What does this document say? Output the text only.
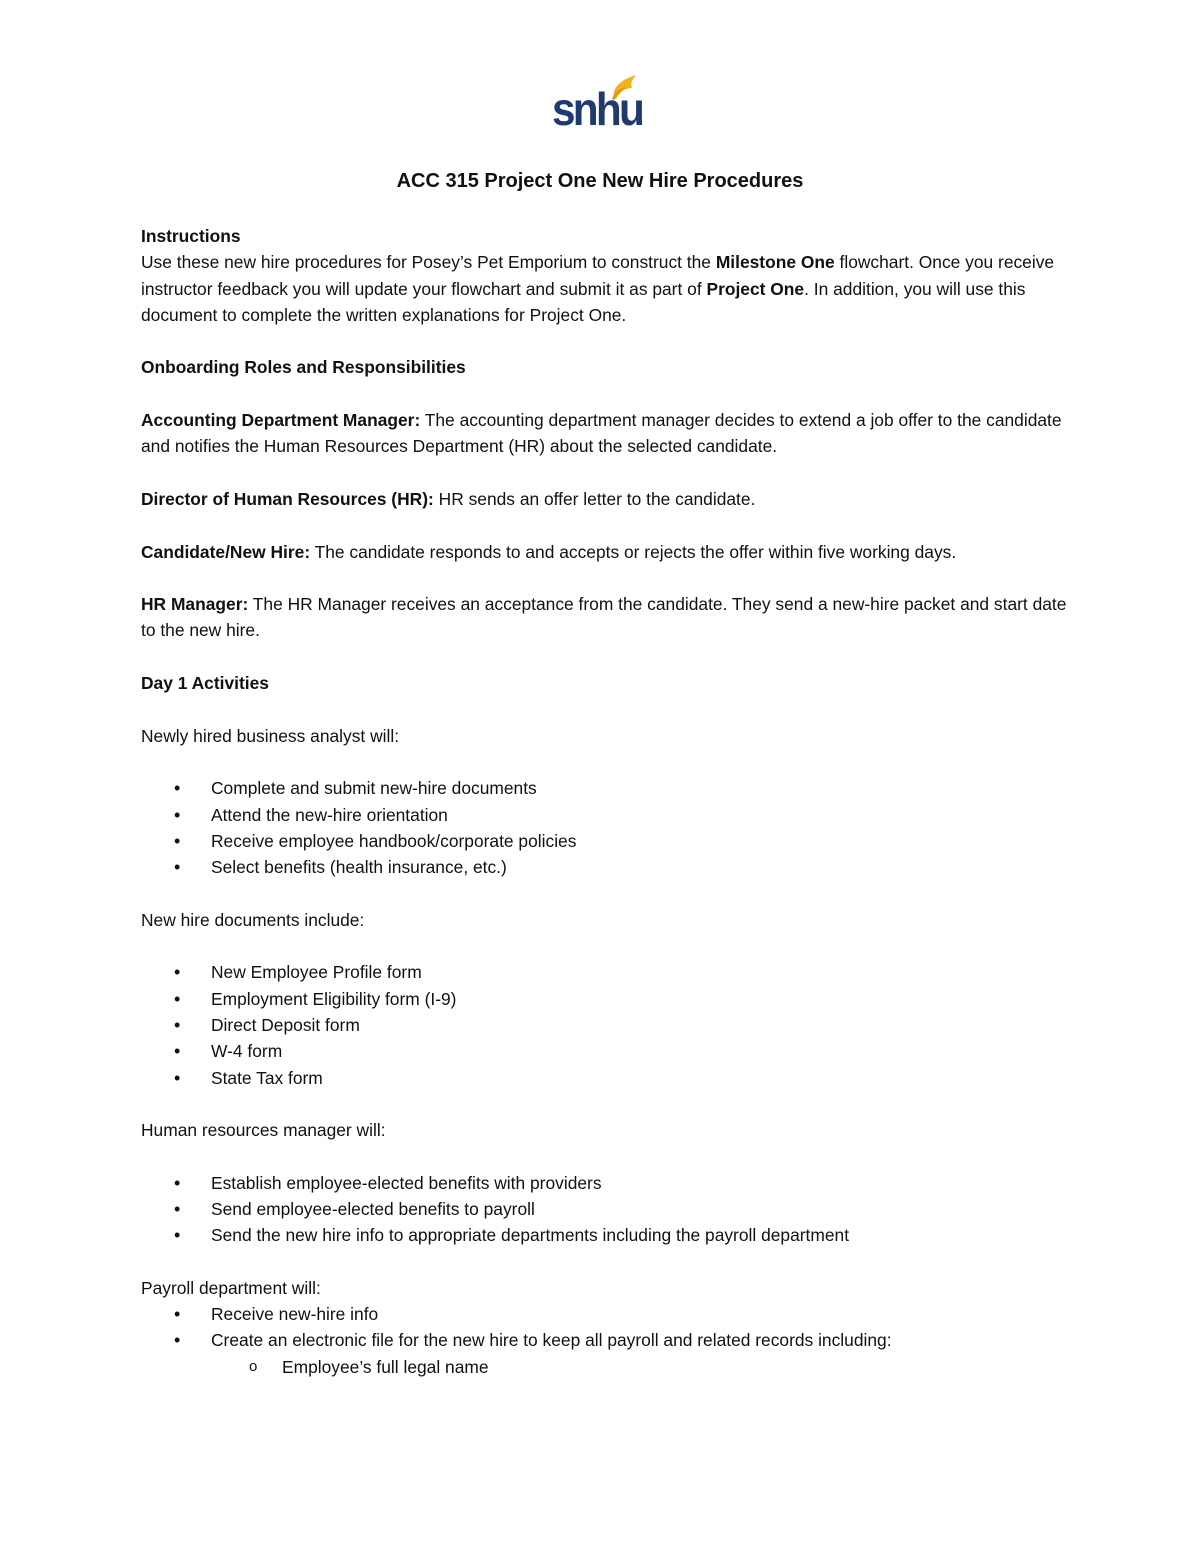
snhu
ACC 315 Project One New Hire Procedures

Instructions

Use these new hire procedures for Posey’s Pet Emporium to construct the Milestone One flowchart. Once you receive instructor feedback you will update your flowchart and submit it as part of Project One. In addition, you will use this document to complete the written explanations for Project One.

Onboarding Roles and Responsibilities

Accounting Department Manager: The accounting department manager decides to extend a job offer to the candidate and notifies the Human Resources Department (HR) about the selected candidate.

Director of Human Resources (HR): HR sends an offer letter to the candidate.

Candidate/New Hire: The candidate responds to and accepts or rejects the offer within five working days.

HR Manager: The HR Manager receives an acceptance from the candidate. They send a new-hire packet and start date to the new hire.

Day 1 Activities

Newly hired business analyst will:

• Complete and submit new-hire documents
• Attend the new-hire orientation
• Receive employee handbook/corporate policies
• Select benefits (health insurance, etc.)

New hire documents include:

• New Employee Profile form
• Employment Eligibility form (I-9)
• Direct Deposit form
• W-4 form
• State Tax form

Human resources manager will:

• Establish employee-elected benefits with providers
• Send employee-elected benefits to payroll
• Send the new hire info to appropriate departments including the payroll department

Payroll department will:

• Receive new-hire info
• Create an electronic file for the new hire to keep all payroll and related records including:
o Employee’s full legal name
